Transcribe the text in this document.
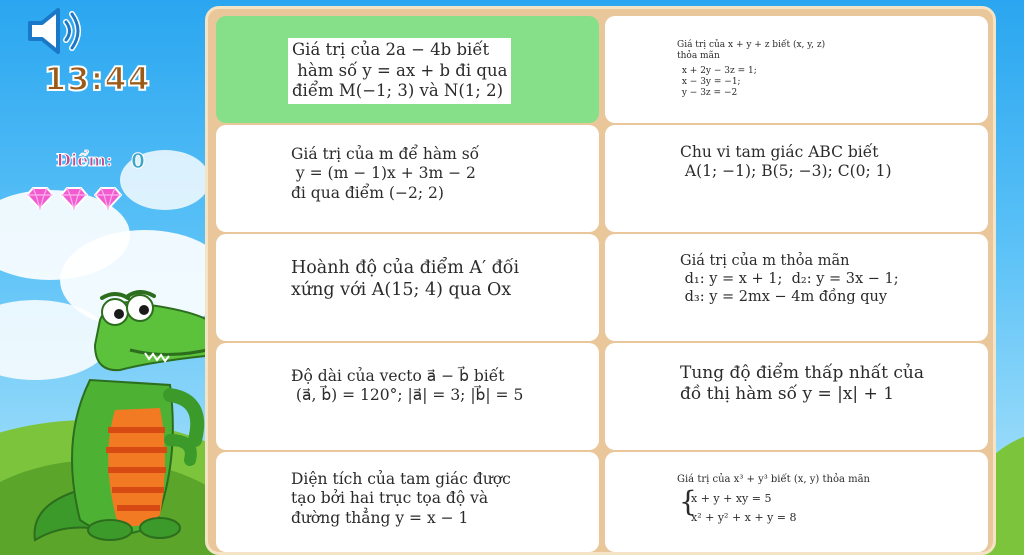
13:44
Điểm: 0
Giá trị của 2a − 4b biết
hàm số y = ax + b đi qua
điểm M(−1; 3) và N(1; 2)
Giá trị của x + y + z biết (x, y, z)
thỏa mãn
x + 2y − 3z = 1;
x − 3y = −1;
y − 3z = −2
Giá trị của m để hàm số
y = (m − 1)x + 3m − 2
đi qua điểm (−2; 2)
Chu vi tam giác ABC biết
A(1; −1); B(5; −3); C(0; 1)
Hoành độ của điểm A′ đối
xứng với A(15; 4) qua Ox
Giá trị của m thỏa mãn
d₁: y = x + 1;  d₂: y = 3x − 1;
d₃: y = 2mx − 4m đồng quy
Độ dài của vecto a⃗ − b⃗ biết
(a⃗, b⃗) = 120°; |a⃗| = 3; |b⃗| = 5
Tung độ điểm thấp nhất của
đồ thị hàm số y = |x| + 1
Diện tích của tam giác được
tạo bởi hai trục tọa độ và
đường thẳng y = x − 1
Giá trị của x³ + y³ biết (x, y) thỏa mãn
{
x + y + xy = 5
x² + y² + x + y = 8
